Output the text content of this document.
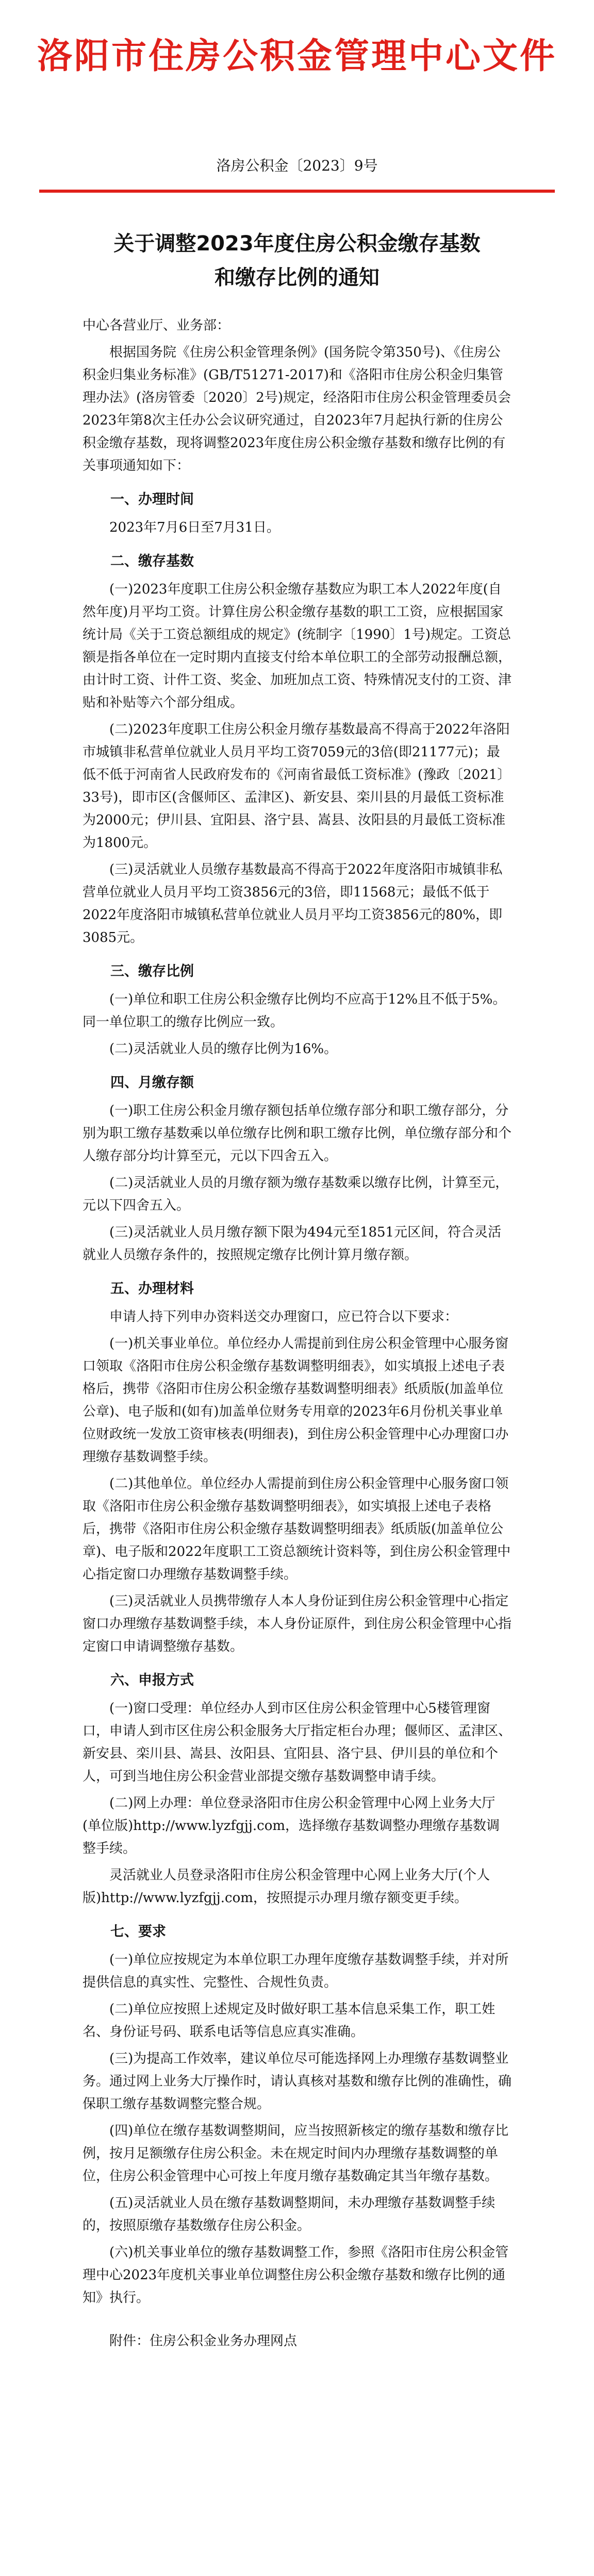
洛阳市住房公积金管理中心文件
洛房公积金〔2023〕9号
关于调整2023年度住房公积金缴存基数
和缴存比例的通知

中心各营业厅、业务部：

根据国务院《住房公积金管理条例》(国务院令第350号)、《住房公积金归集业务标准》(GB/T51271-2017)和《洛阳市住房公积金归集管理办法》(洛房管委〔2020〕2号)规定，经洛阳市住房公积金管理委员会2023年第8次主任办公会议研究通过，自2023年7月起执行新的住房公积金缴存基数，现将调整2023年度住房公积金缴存基数和缴存比例的有关事项通知如下：

一、办理时间

2023年7月6日至7月31日。

二、缴存基数

(一)2023年度职工住房公积金缴存基数应为职工本人2022年度(自然年度)月平均工资。计算住房公积金缴存基数的职工工资，应根据国家统计局《关于工资总额组成的规定》(统制字〔1990〕1号)规定。工资总额是指各单位在一定时期内直接支付给本单位职工的全部劳动报酬总额，由计时工资、计件工资、奖金、加班加点工资、特殊情况支付的工资、津贴和补贴等六个部分组成。

(二)2023年度职工住房公积金月缴存基数最高不得高于2022年洛阳市城镇非私营单位就业人员月平均工资7059元的3倍(即21177元)；最低不低于河南省人民政府发布的《河南省最低工资标准》(豫政〔2021〕33号)，即市区(含偃师区、孟津区)、新安县、栾川县的月最低工资标准为2000元；伊川县、宜阳县、洛宁县、嵩县、汝阳县的月最低工资标准为1800元。

(三)灵活就业人员缴存基数最高不得高于2022年度洛阳市城镇非私营单位就业人员月平均工资3856元的3倍，即11568元；最低不低于2022年度洛阳市城镇私营单位就业人员月平均工资3856元的80%，即3085元。

三、缴存比例

(一)单位和职工住房公积金缴存比例均不应高于12%且不低于5%。同一单位职工的缴存比例应一致。

(二)灵活就业人员的缴存比例为16%。

四、月缴存额

(一)职工住房公积金月缴存额包括单位缴存部分和职工缴存部分，分别为职工缴存基数乘以单位缴存比例和职工缴存比例，单位缴存部分和个人缴存部分均计算至元，元以下四舍五入。

(二)灵活就业人员的月缴存额为缴存基数乘以缴存比例，计算至元，元以下四舍五入。

(三)灵活就业人员月缴存额下限为494元至1851元区间，符合灵活就业人员缴存条件的，按照规定缴存比例计算月缴存额。

五、办理材料

申请人持下列申办资料送交办理窗口，应已符合以下要求：

(一)机关事业单位。单位经办人需提前到住房公积金管理中心服务窗口领取《洛阳市住房公积金缴存基数调整明细表》，如实填报上述电子表格后，携带《洛阳市住房公积金缴存基数调整明细表》纸质版(加盖单位公章)、电子版和(如有)加盖单位财务专用章的2023年6月份机关事业单位财政统一发放工资审核表(明细表)，到住房公积金管理中心办理窗口办理缴存基数调整手续。

(二)其他单位。单位经办人需提前到住房公积金管理中心服务窗口领取《洛阳市住房公积金缴存基数调整明细表》，如实填报上述电子表格后，携带《洛阳市住房公积金缴存基数调整明细表》纸质版(加盖单位公章)、电子版和2022年度职工工资总额统计资料等，到住房公积金管理中心指定窗口办理缴存基数调整手续。

(三)灵活就业人员携带缴存人本人身份证到住房公积金管理中心指定窗口办理缴存基数调整手续，本人身份证原件，到住房公积金管理中心指定窗口申请调整缴存基数。

六、申报方式

(一)窗口受理：单位经办人到市区住房公积金管理中心5楼管理窗口，申请人到市区住房公积金服务大厅指定柜台办理；偃师区、孟津区、新安县、栾川县、嵩县、汝阳县、宜阳县、洛宁县、伊川县的单位和个人，可到当地住房公积金营业部提交缴存基数调整申请手续。

(二)网上办理：单位登录洛阳市住房公积金管理中心网上业务大厅(单位版)http://www.lyzfgjj.com，选择缴存基数调整办理缴存基数调整手续。

灵活就业人员登录洛阳市住房公积金管理中心网上业务大厅(个人版)http://www.lyzfgjj.com，按照提示办理月缴存额变更手续。

七、要求

(一)单位应按规定为本单位职工办理年度缴存基数调整手续，并对所提供信息的真实性、完整性、合规性负责。

(二)单位应按照上述规定及时做好职工基本信息采集工作，职工姓名、身份证号码、联系电话等信息应真实准确。

(三)为提高工作效率，建议单位尽可能选择网上办理缴存基数调整业务。通过网上业务大厅操作时，请认真核对基数和缴存比例的准确性，确保职工缴存基数调整完整合规。

(四)单位在缴存基数调整期间，应当按照新核定的缴存基数和缴存比例，按月足额缴存住房公积金。未在规定时间内办理缴存基数调整的单位，住房公积金管理中心可按上年度月缴存基数确定其当年缴存基数。

(五)灵活就业人员在缴存基数调整期间，未办理缴存基数调整手续的，按照原缴存基数缴存住房公积金。

(六)机关事业单位的缴存基数调整工作，参照《洛阳市住房公积金管理中心2023年度机关事业单位调整住房公积金缴存基数和缴存比例的通知》执行。

附件：住房公积金业务办理网点
